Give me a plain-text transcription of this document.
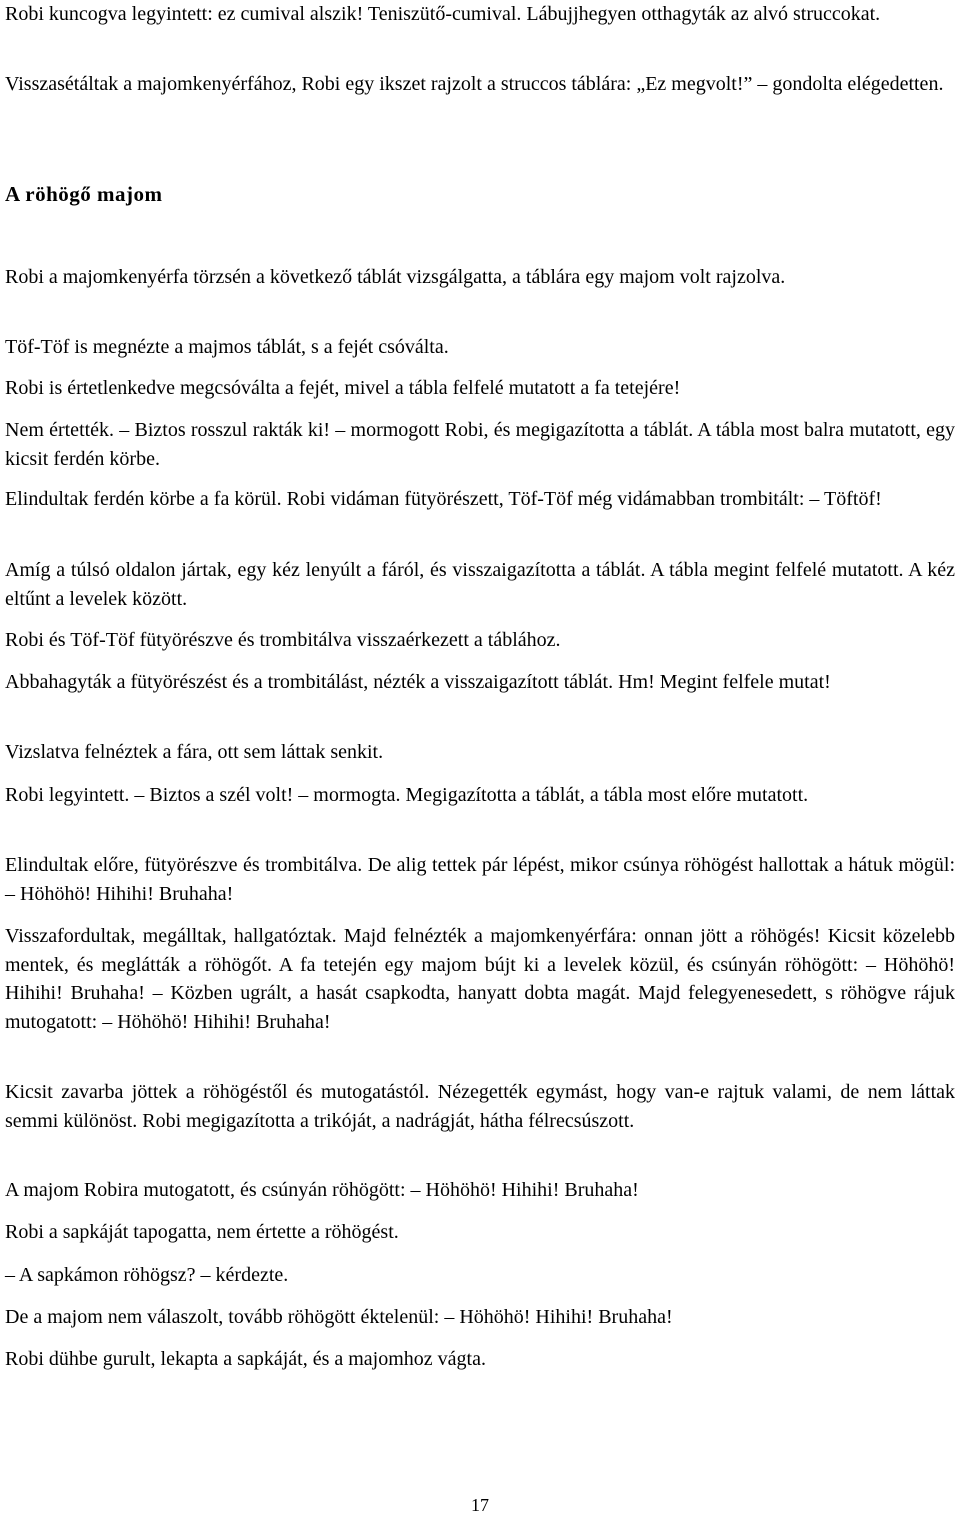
Robi kuncogva legyintett: ez cumival alszik! Teniszütő-cumival. Lábujjhegyen otthagyták az alvó struccokat.

Visszasétáltak a majomkenyérfához, Robi egy ikszet rajzolt a struccos táblára: „Ez megvolt!” – gondolta elégedetten.

A röhögő majom

Robi a majomkenyérfa törzsén a következő táblát vizsgálgatta, a táblára egy majom volt rajzolva.

Töf-Töf is megnézte a majmos táblát, s a fejét csóválta.

Robi is értetlenkedve megcsóválta a fejét, mivel a tábla felfelé mutatott a fa tetejére!

Nem értették. – Biztos rosszul rakták ki! – mormogott Robi, és megigazította a táblát. A tábla most balra mutatott, egy kicsit ferdén körbe.

Elindultak ferdén körbe a fa körül. Robi vidáman fütyörészett, Töf-Töf még vidámabban trombitált: – Töftöf!

Amíg a túlsó oldalon jártak, egy kéz lenyúlt a fáról, és visszaigazította a táblát. A tábla megint felfelé mutatott. A kéz eltűnt a levelek között.

Robi és Töf-Töf fütyörészve és trombitálva visszaérkezett a táblához.

Abbahagyták a fütyörészést és a trombitálást, nézték a visszaigazított táblát. Hm! Megint felfele mutat!

Vizslatva felnéztek a fára, ott sem láttak senkit.

Robi legyintett. – Biztos a szél volt! – mormogta. Megigazította a táblát, a tábla most előre mutatott.

Elindultak előre, fütyörészve és trombitálva. De alig tettek pár lépést, mikor csúnya röhögést hallottak a hátuk mögül: – Höhöhö! Hihihi! Bruhaha!

Visszafordultak, megálltak, hallgatóztak. Majd felnézték a majomkenyérfára: onnan jött a röhögés! Kicsit közelebb mentek, és meglátták a röhögőt. A fa tetején egy majom bújt ki a levelek közül, és csúnyán röhögött: – Höhöhö! Hihihi! Bruhaha! – Közben ugrált, a hasát csapkodta, hanyatt dobta magát. Majd felegyenesedett, s röhögve rájuk mutogatott: – Höhöhö! Hihihi! Bruhaha!

Kicsit zavarba jöttek a röhögéstől és mutogatástól. Nézegették egymást, hogy van-e rajtuk valami, de nem láttak semmi különöst. Robi megigazította a trikóját, a nadrágját, hátha félrecsúszott.

A majom Robira mutogatott, és csúnyán röhögött: – Höhöhö! Hihihi! Bruhaha!

Robi a sapkáját tapogatta, nem értette a röhögést.

– A sapkámon röhögsz? – kérdezte.

De a majom nem válaszolt, tovább röhögött éktelenül: – Höhöhö! Hihihi! Bruhaha!

Robi dühbe gurult, lekapta a sapkáját, és a majomhoz vágta.

17
